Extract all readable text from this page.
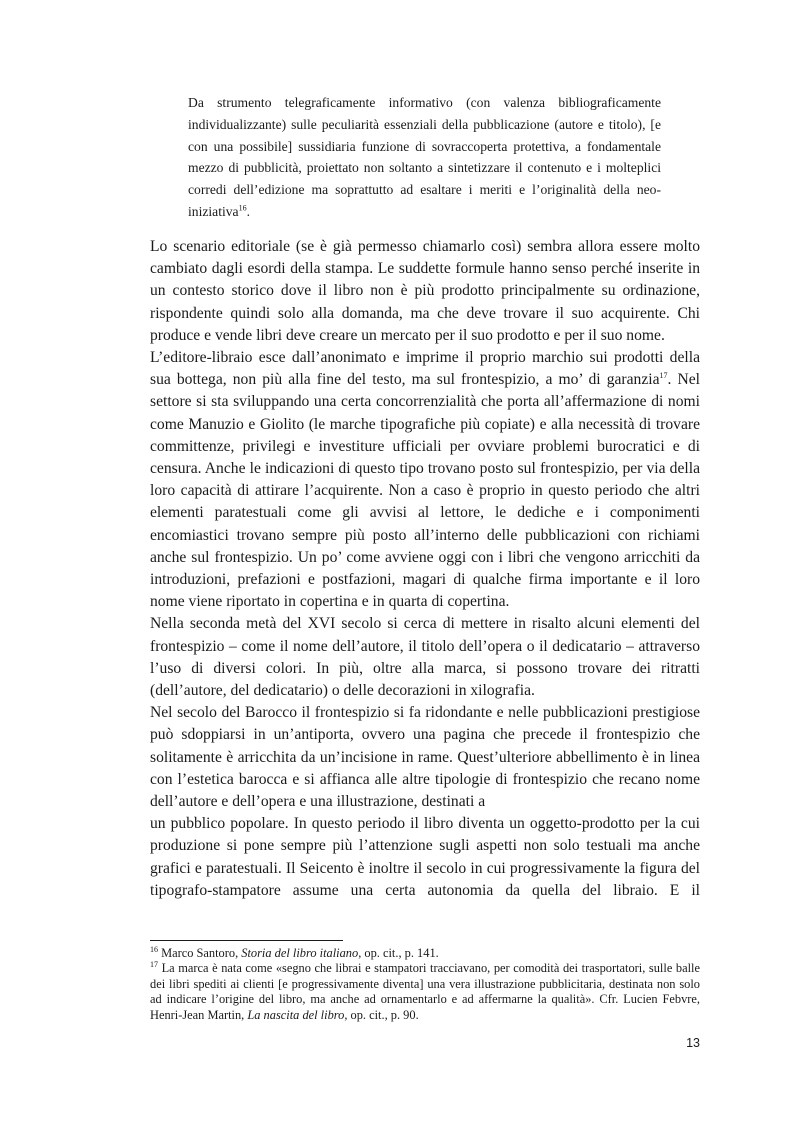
Da strumento telegraficamente informativo (con valenza bibliograficamente individualizzante) sulle peculiarità essenziali della pubblicazione (autore e titolo), [e con una possibile] sussidiaria funzione di sovraccoperta protettiva, a fondamentale mezzo di pubblicità, proiettato non soltanto a sintetizzare il contenuto e i molteplici corredi dell’edizione ma soprattutto ad esaltare i meriti e l’originalità della neo-iniziativa$^{16}$.

Lo scenario editoriale (se è già permesso chiamarlo così) sembra allora essere molto cambiato dagli esordi della stampa. Le suddette formule hanno senso perché inserite in un contesto storico dove il libro non è più prodotto principalmente su ordinazione, rispondente quindi solo alla domanda, ma che deve trovare il suo acquirente. Chi produce e vende libri deve creare un mercato per il suo prodotto e per il suo nome.

L’editore-libraio esce dall’anonimato e imprime il proprio marchio sui prodotti della sua bottega, non più alla fine del testo, ma sul frontespizio, a mo’ di garanzia$^{17}$. Nel settore si sta sviluppando una certa concorrenzialità che porta all’affermazione di nomi come Manuzio e Giolito (le marche tipografiche più copiate) e alla necessità di trovare committenze, privilegi e investiture ufficiali per ovviare problemi burocratici e di censura. Anche le indicazioni di questo tipo trovano posto sul frontespizio, per via della loro capacità di attirare l’acquirente. Non a caso è proprio in questo periodo che altri elementi paratestuali come gli avvisi al lettore, le dediche e i componimenti encomiastici trovano sempre più posto all’interno delle pubblicazioni con richiami anche sul frontespizio. Un po’ come avviene oggi con i libri che vengono arricchiti da introduzioni, prefazioni e postfazioni, magari di qualche firma importante e il loro nome viene riportato in copertina e in quarta di copertina.

Nella seconda metà del XVI secolo si cerca di mettere in risalto alcuni elementi del frontespizio – come il nome dell’autore, il titolo dell’opera o il dedicatario – attraverso l’uso di diversi colori. In più, oltre alla marca, si possono trovare dei ritratti (dell’autore, del dedicatario) o delle decorazioni in xilografia.

Nel secolo del Barocco il frontespizio si fa ridondante e nelle pubblicazioni prestigiose può sdoppiarsi in un’antiporta, ovvero una pagina che precede il frontespizio che solitamente è arricchita da un’incisione in rame. Quest’ulteriore abbellimento è in linea con l’estetica barocca e si affianca alle altre tipologie di frontespizio che recano nome dell’autore e dell’opera e una illustrazione, destinati a

un pubblico popolare. In questo periodo il libro diventa un oggetto-prodotto per la cui produzione si pone sempre più l’attenzione sugli aspetti non solo testuali ma anche grafici e paratestuali. Il Seicento è inoltre il secolo in cui progressivamente la figura del tipografo-stampatore assume una certa autonomia da quella del libraio. E il

$^{16}$ Marco Santoro, Storia del libro italiano, op. cit., p. 141.

$^{17}$ La marca è nata come «segno che librai e stampatori tracciavano, per comodità dei trasportatori, sulle balle dei libri spediti ai clienti [e progressivamente diventa] una vera illustrazione pubblicitaria, destinata non solo ad indicare l’origine del libro, ma anche ad ornamentarlo e ad affermarne la qualità». Cfr. Lucien Febvre, Henri-Jean Martin, La nascita del libro, op. cit., p. 90.

13
